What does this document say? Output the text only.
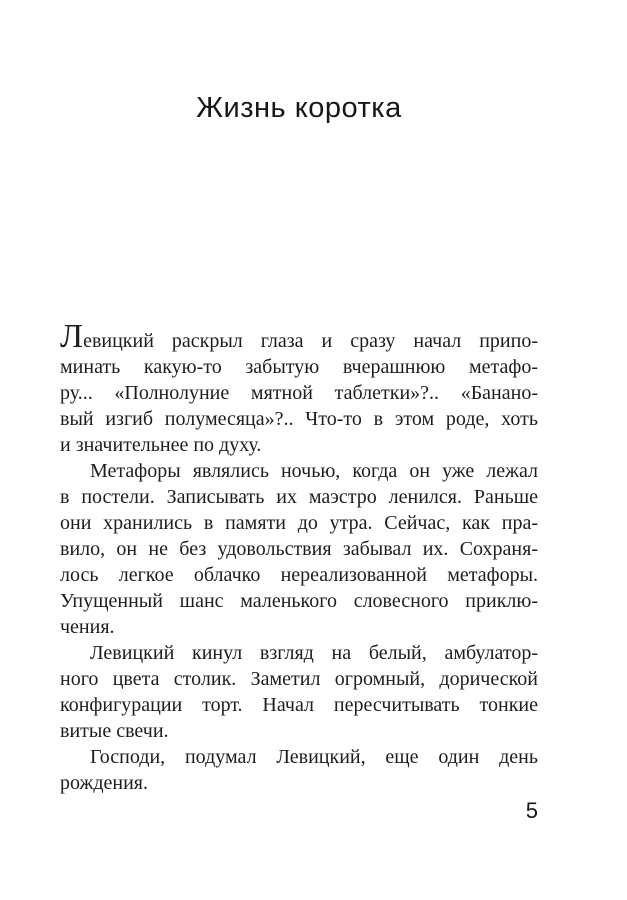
Жизнь коротка
Левицкий раскрыл глаза и сразу начал припо-
минать какую-то забытую вчерашнюю метафо-
ру... «Полнолуние мятной таблетки»?.. «Банано-
вый изгиб полумесяца»?.. Что-то в этом роде, хоть
и значительнее по духу.
Метафоры являлись ночью, когда он уже лежал
в постели. Записывать их маэстро ленился. Раньше
они хранились в памяти до утра. Сейчас, как пра-
вило, он не без удовольствия забывал их. Сохраня-
лось легкое облачко нереализованной метафоры.
Упущенный шанс маленького словесного приклю-
чения.
Левицкий кинул взгляд на белый, амбулатор-
ного цвета столик. Заметил огромный, дорической
конфигурации торт. Начал пересчитывать тонкие
витые свечи.
Господи, подумал Левицкий, еще один день
рождения.
5
